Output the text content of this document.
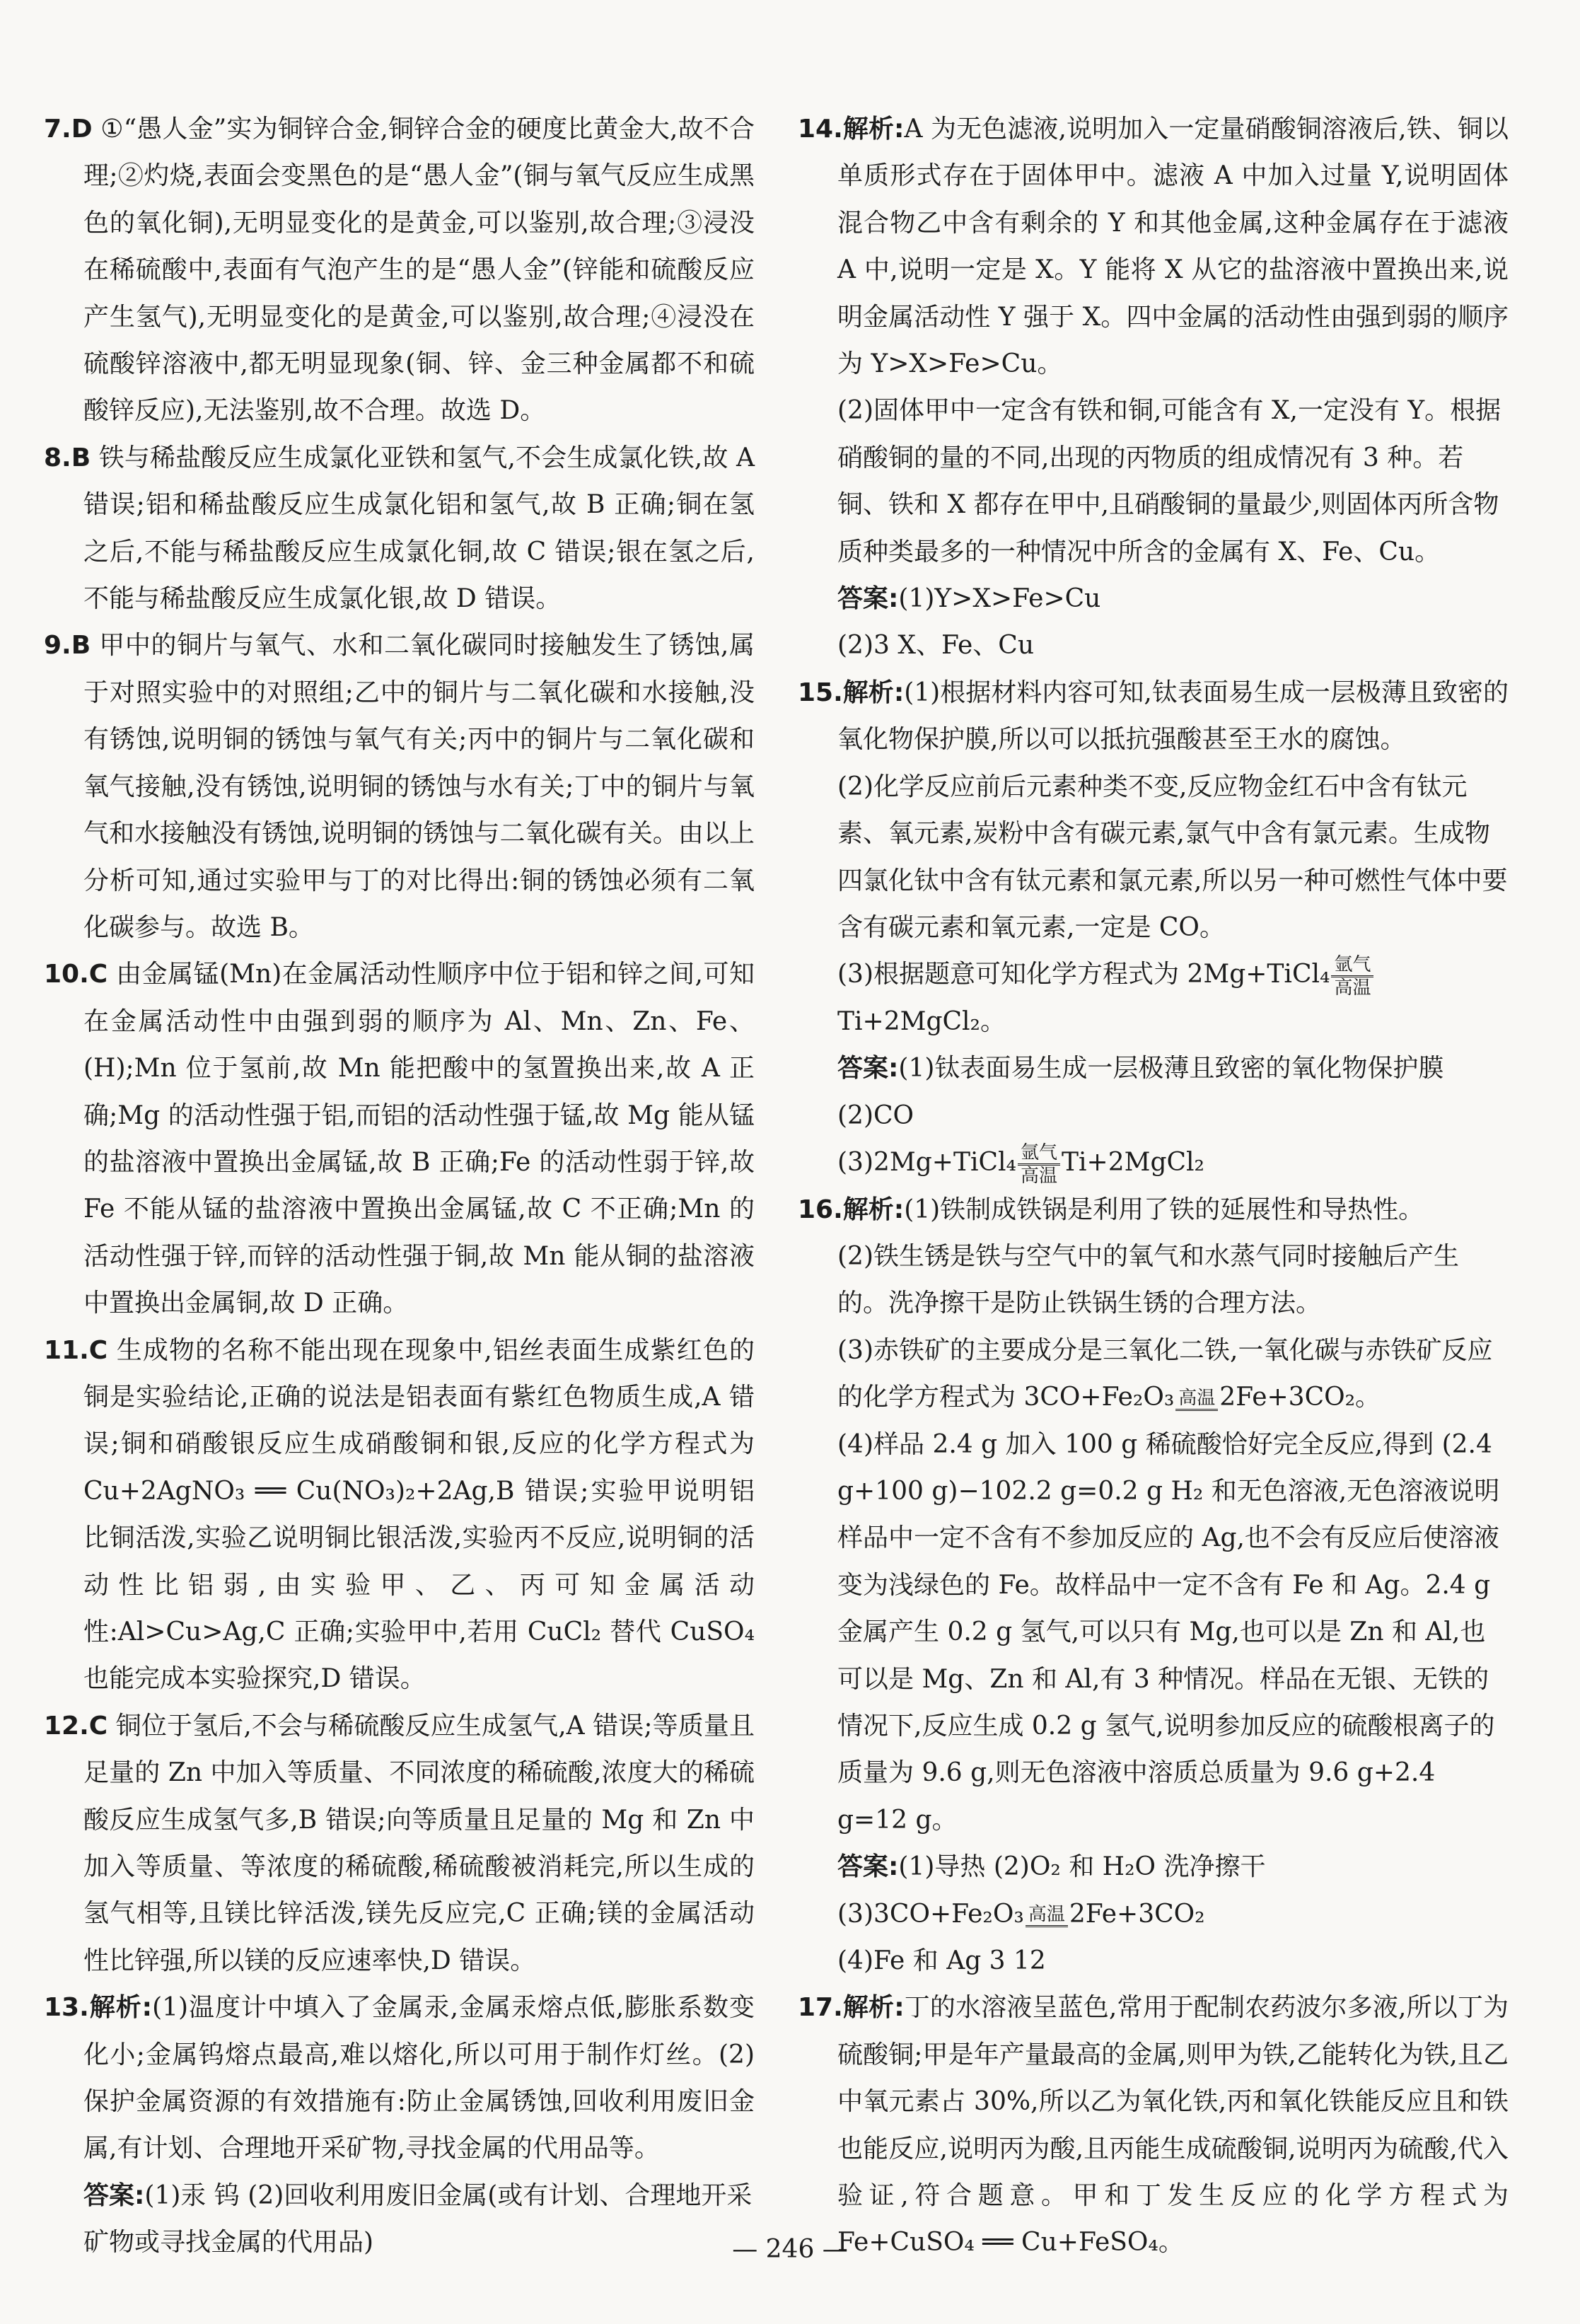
7.D ①“愚人金”实为铜锌合金,铜锌合金的硬度比黄金大,故不合理;②灼烧,表面会变黑色的是“愚人金”(铜与氧气反应生成黑色的氧化铜),无明显变化的是黄金,可以鉴别,故合理;③浸没在稀硫酸中,表面有气泡产生的是“愚人金”(锌能和硫酸反应产生氢气),无明显变化的是黄金,可以鉴别,故合理;④浸没在硫酸锌溶液中,都无明显现象(铜、锌、金三种金属都不和硫酸锌反应),无法鉴别,故不合理。故选 D。
8.B 铁与稀盐酸反应生成氯化亚铁和氢气,不会生成氯化铁,故 A 错误;铝和稀盐酸反应生成氯化铝和氢气,故 B 正确;铜在氢之后,不能与稀盐酸反应生成氯化铜,故 C 错误;银在氢之后,不能与稀盐酸反应生成氯化银,故 D 错误。
9.B 甲中的铜片与氧气、水和二氧化碳同时接触发生了锈蚀,属于对照实验中的对照组;乙中的铜片与二氧化碳和水接触,没有锈蚀,说明铜的锈蚀与氧气有关;丙中的铜片与二氧化碳和氧气接触,没有锈蚀,说明铜的锈蚀与水有关;丁中的铜片与氧气和水接触没有锈蚀,说明铜的锈蚀与二氧化碳有关。由以上分析可知,通过实验甲与丁的对比得出:铜的锈蚀必须有二氧化碳参与。故选 B。
10.C 由金属锰(Mn)在金属活动性顺序中位于铝和锌之间,可知在金属活动性中由强到弱的顺序为 Al、Mn、Zn、Fe、(H);Mn 位于氢前,故 Mn 能把酸中的氢置换出来,故 A 正确;Mg 的活动性强于铝,而铝的活动性强于锰,故 Mg 能从锰的盐溶液中置换出金属锰,故 B 正确;Fe 的活动性弱于锌,故 Fe 不能从锰的盐溶液中置换出金属锰,故 C 不正确;Mn 的活动性强于锌,而锌的活动性强于铜,故 Mn 能从铜的盐溶液中置换出金属铜,故 D 正确。
11.C 生成物的名称不能出现在现象中,铝丝表面生成紫红色的铜是实验结论,正确的说法是铝表面有紫红色物质生成,A 错误;铜和硝酸银反应生成硝酸铜和银,反应的化学方程式为 Cu+2AgNO₃ ══ Cu(NO₃)₂+2Ag,B 错误;实验甲说明铝比铜活泼,实验乙说明铜比银活泼,实验丙不反应,说明铜的活动性比铝弱,由实验甲、乙、丙可知金属活动性:Al>Cu>Ag,C 正确;实验甲中,若用 CuCl₂ 替代 CuSO₄ 也能完成本实验探究,D 错误。
12.C 铜位于氢后,不会与稀硫酸反应生成氢气,A 错误;等质量且足量的 Zn 中加入等质量、不同浓度的稀硫酸,浓度大的稀硫酸反应生成氢气多,B 错误;向等质量且足量的 Mg 和 Zn 中加入等质量、等浓度的稀硫酸,稀硫酸被消耗完,所以生成的氢气相等,且镁比锌活泼,镁先反应完,C 正确;镁的金属活动性比锌强,所以镁的反应速率快,D 错误。
13.解析:(1)温度计中填入了金属汞,金属汞熔点低,膨胀系数变化小;金属钨熔点最高,难以熔化,所以可用于制作灯丝。(2)保护金属资源的有效措施有:防止金属锈蚀,回收利用废旧金属,有计划、合理地开采矿物,寻找金属的代用品等。
答案:(1)汞 钨 (2)回收利用废旧金属(或有计划、合理地开采矿物或寻找金属的代用品)
14.解析:A 为无色滤液,说明加入一定量硝酸铜溶液后,铁、铜以单质形式存在于固体甲中。滤液 A 中加入过量 Y,说明固体混合物乙中含有剩余的 Y 和其他金属,这种金属存在于滤液 A 中,说明一定是 X。Y 能将 X 从它的盐溶液中置换出来,说明金属活动性 Y 强于 X。四中金属的活动性由强到弱的顺序为 Y>X>Fe>Cu。
(2)固体甲中一定含有铁和铜,可能含有 X,一定没有 Y。根据硝酸铜的量的不同,出现的丙物质的组成情况有 3 种。若铜、铁和 X 都存在甲中,且硝酸铜的量最少,则固体丙所含物质种类最多的一种情况中所含的金属有 X、Fe、Cu。
答案:(1)Y>X>Fe>Cu
(2)3 X、Fe、Cu
15.解析:(1)根据材料内容可知,钛表面易生成一层极薄且致密的氧化物保护膜,所以可以抵抗强酸甚至王水的腐蚀。
(2)化学反应前后元素种类不变,反应物金红石中含有钛元素、氧元素,炭粉中含有碳元素,氯气中含有氯元素。生成物四氯化钛中含有钛元素和氯元素,所以另一种可燃性气体中要含有碳元素和氧元素,一定是 CO。
(3)根据题意可知化学方程式为 2Mg+TiCl₄ 氩气
高温
Ti+2MgCl₂。
答案:(1)钛表面易生成一层极薄且致密的氧化物保护膜
(2)CO
(3)2Mg+TiCl₄ 氩气
高温 Ti+2MgCl₂
16.解析:(1)铁制成铁锅是利用了铁的延展性和导热性。
(2)铁生锈是铁与空气中的氧气和水蒸气同时接触后产生的。洗净擦干是防止铁锅生锈的合理方法。
(3)赤铁矿的主要成分是三氧化二铁,一氧化碳与赤铁矿反应的化学方程式为 3CO+Fe₂O₃ 高温 2Fe+3CO₂。
(4)样品 2.4 g 加入 100 g 稀硫酸恰好完全反应,得到 (2.4 g+100 g)−102.2 g=0.2 g H₂ 和无色溶液,无色溶液说明样品中一定不含有不参加反应的 Ag,也不会有反应后使溶液变为浅绿色的 Fe。故样品中一定不含有 Fe 和 Ag。2.4 g 金属产生 0.2 g 氢气,可以只有 Mg,也可以是 Zn 和 Al,也可以是 Mg、Zn 和 Al,有 3 种情况。样品在无银、无铁的情况下,反应生成 0.2 g 氢气,说明参加反应的硫酸根离子的质量为 9.6 g,则无色溶液中溶质总质量为 9.6 g+2.4 g=12 g。
答案:(1)导热 (2)O₂ 和 H₂O 洗净擦干
(3)3CO+Fe₂O₃ 高温 2Fe+3CO₂
(4)Fe 和 Ag 3 12
17.解析:丁的水溶液呈蓝色,常用于配制农药波尔多液,所以丁为硫酸铜;甲是年产量最高的金属,则甲为铁,乙能转化为铁,且乙中氧元素占 30%,所以乙为氧化铁,丙和氧化铁能反应且和铁也能反应,说明丙为酸,且丙能生成硫酸铜,说明丙为硫酸,代入验证,符合题意。甲和丁发生反应的化学方程式为 Fe+CuSO₄ ══ Cu+FeSO₄。
— 246 —
